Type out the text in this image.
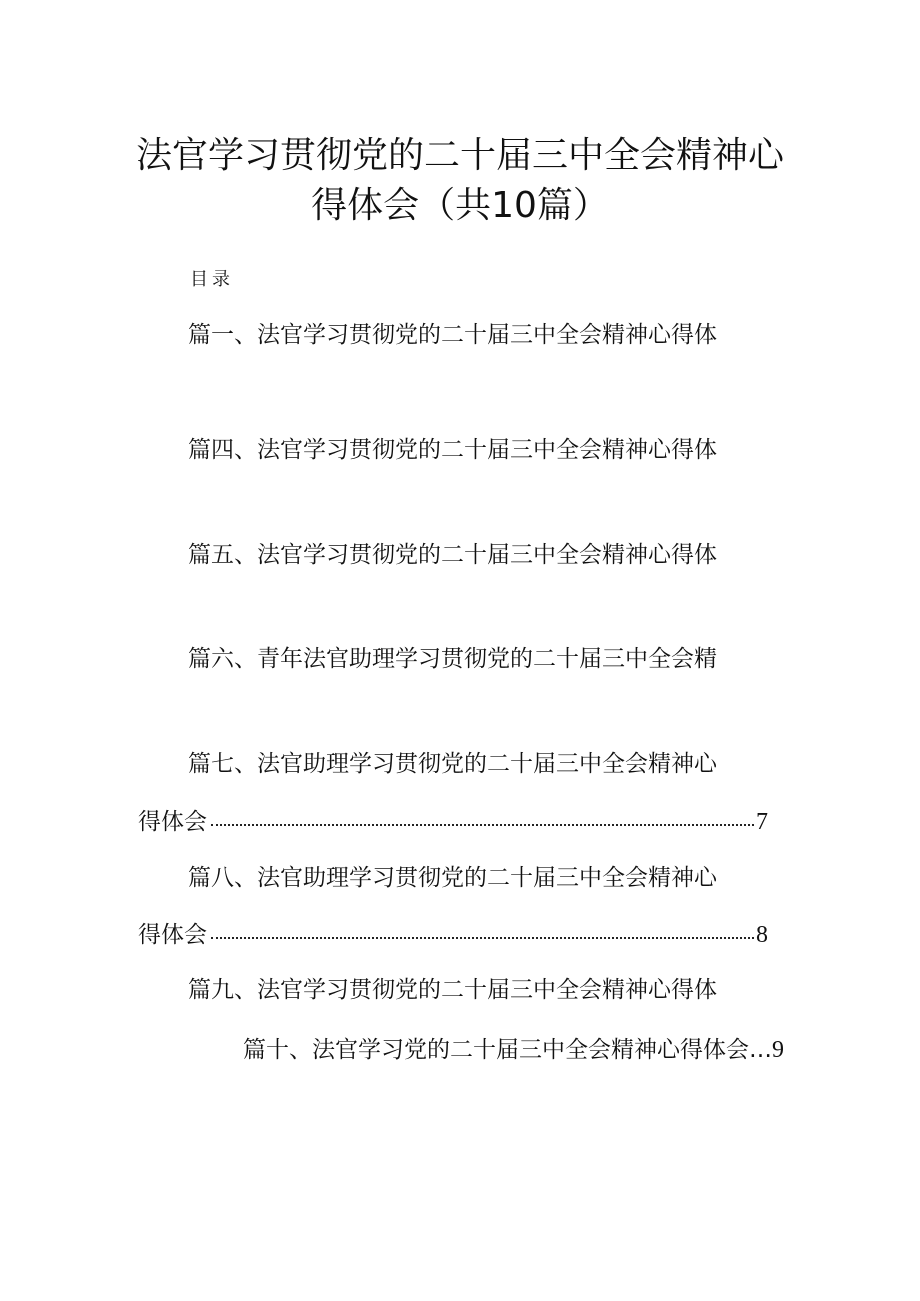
法官学习贯彻党的二十届三中全会精神心
得体会（共10篇）
目录
篇一、法官学习贯彻党的二十届三中全会精神心得体
篇四、法官学习贯彻党的二十届三中全会精神心得体
篇五、法官学习贯彻党的二十届三中全会精神心得体
篇六、青年法官助理学习贯彻党的二十届三中全会精
篇七、法官助理学习贯彻党的二十届三中全会精神心
得体会	7
篇八、法官助理学习贯彻党的二十届三中全会精神心
得体会	8
篇九、法官学习贯彻党的二十届三中全会精神心得体
篇十、法官学习党的二十届三中全会精神心得体会…9
